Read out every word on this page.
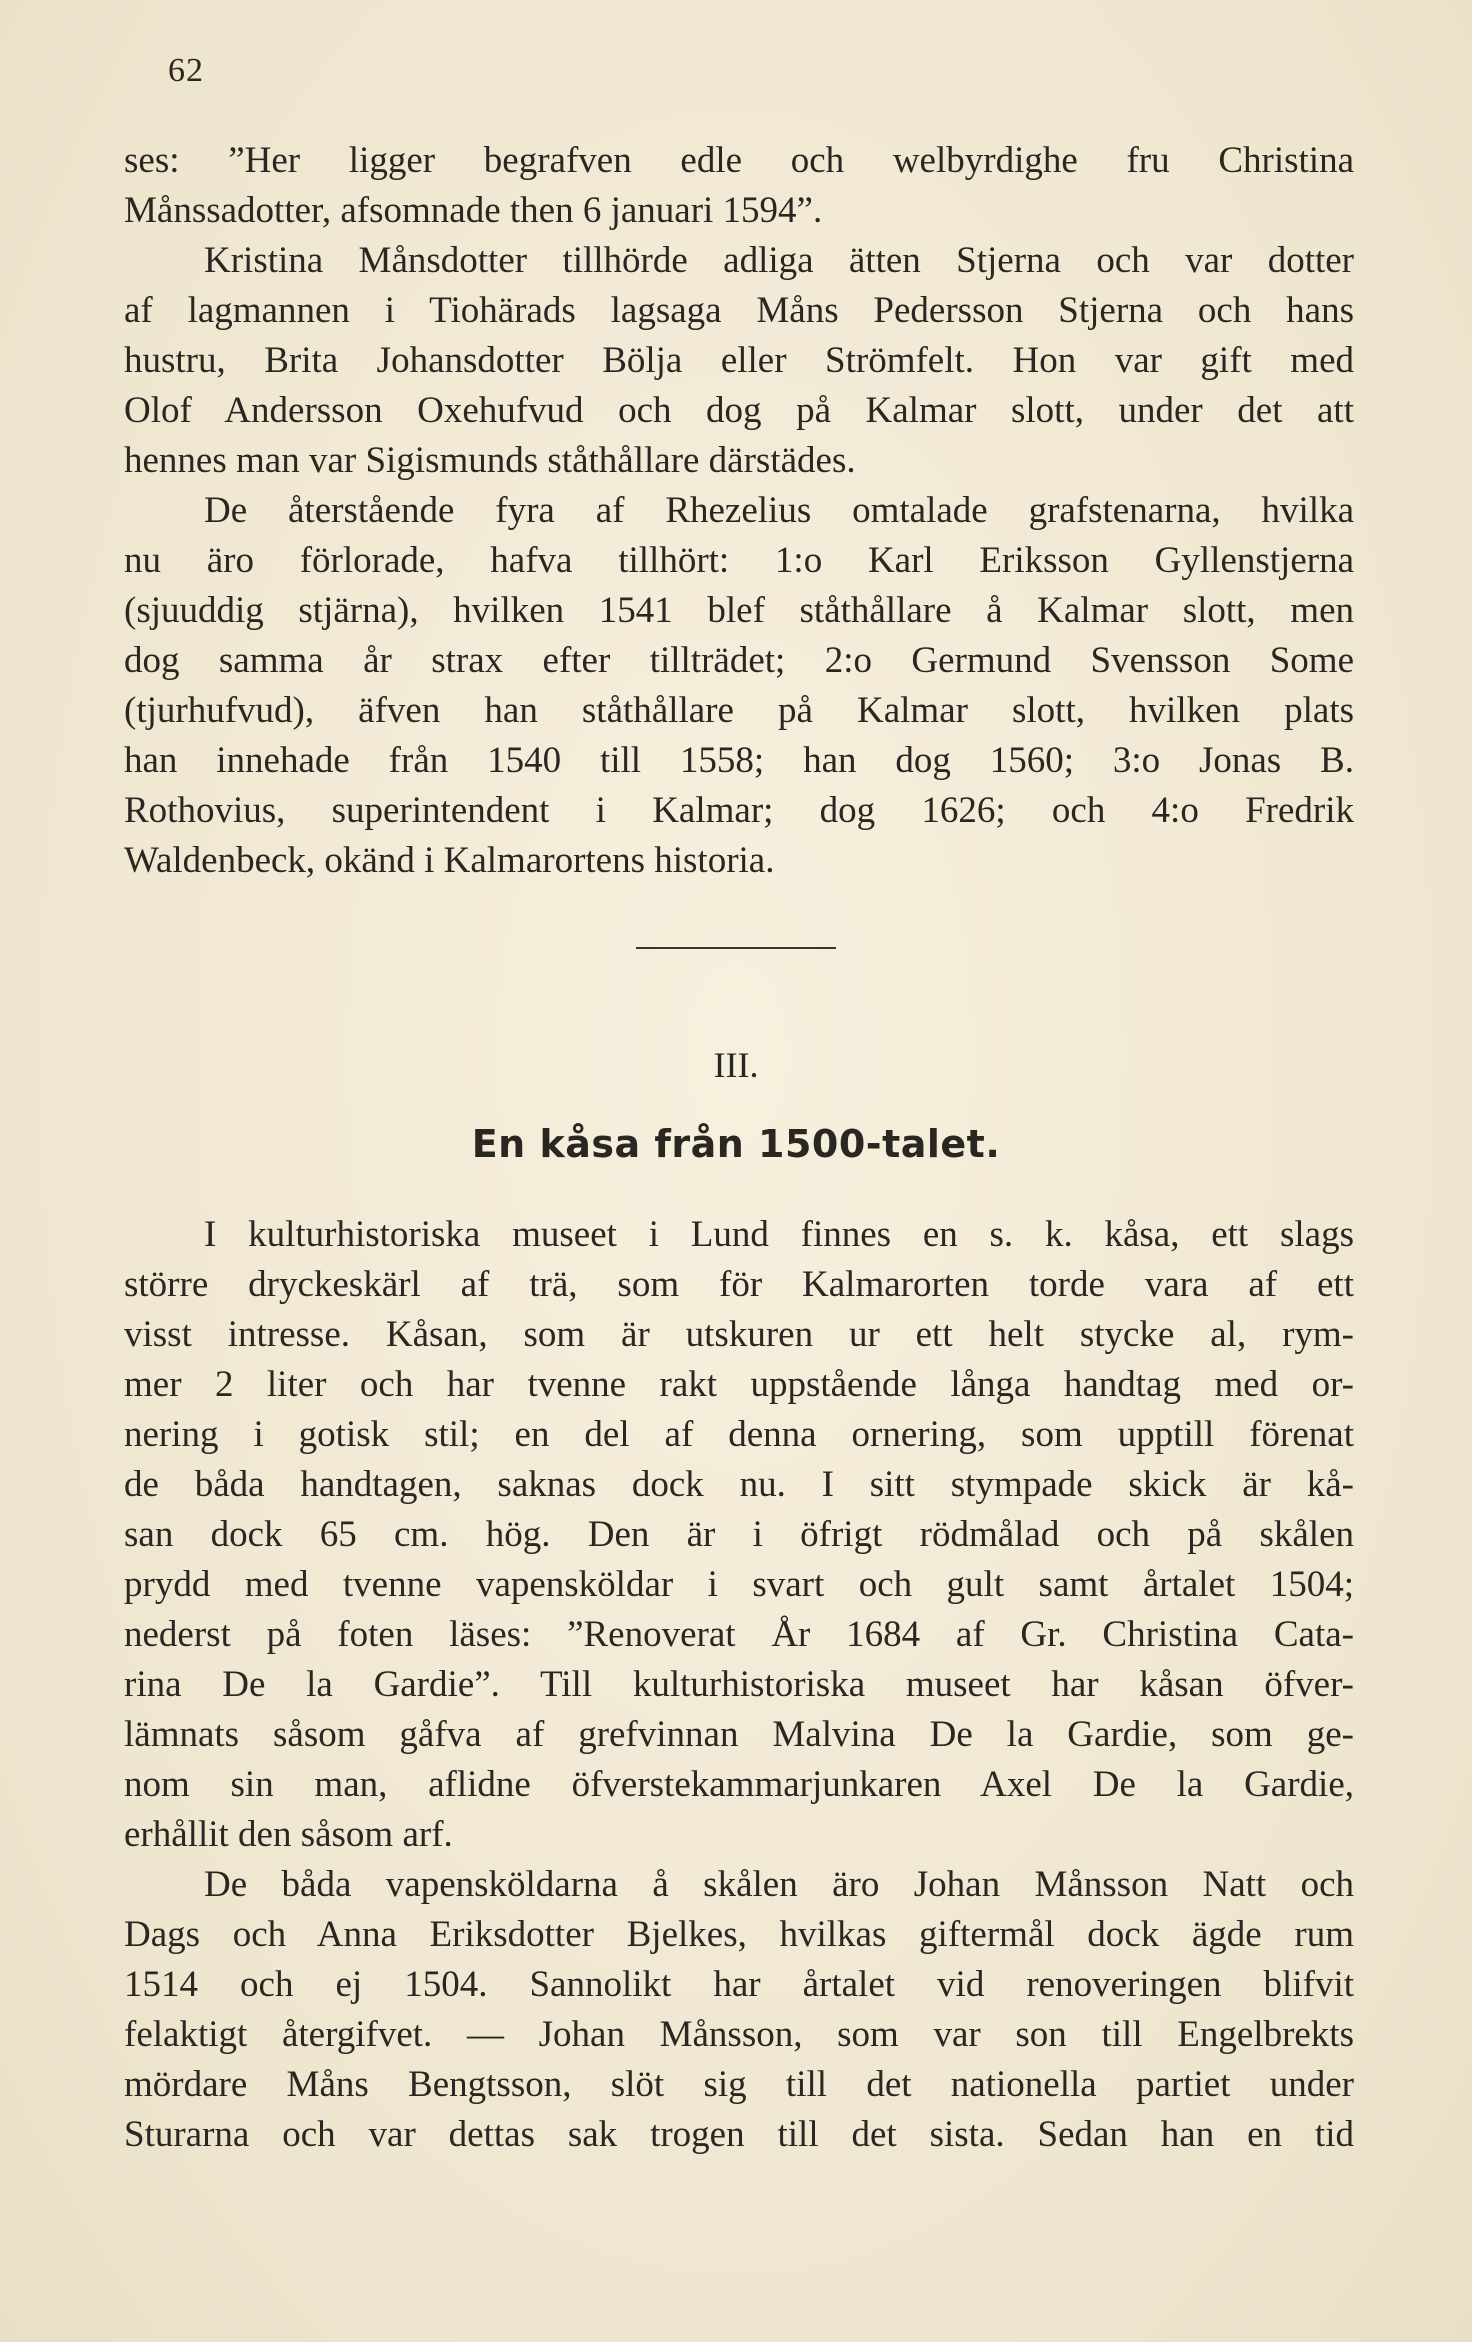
62
ses: ”Her ligger begrafven edle och welbyrdighe fru Christina
Månssadotter, afsomnade then 6 januari 1594”.
Kristina Månsdotter tillhörde adliga ätten Stjerna och var dotter
af lagmannen i Tiohärads lagsaga Måns Pedersson Stjerna och hans
hustru, Brita Johansdotter Bölja eller Strömfelt. Hon var gift med
Olof Andersson Oxehufvud och dog på Kalmar slott, under det att
hennes man var Sigismunds ståthållare därstädes.
De återstående fyra af Rhezelius omtalade grafstenarna, hvilka
nu äro förlorade, hafva tillhört: 1:o Karl Eriksson Gyllenstjerna
(sjuuddig stjärna), hvilken 1541 blef ståthållare å Kalmar slott, men
dog samma år strax efter tillträdet; 2:o Germund Svensson Some
(tjurhufvud), äfven han ståthållare på Kalmar slott, hvilken plats
han innehade från 1540 till 1558; han dog 1560; 3:o Jonas B.
Rothovius, superintendent i Kalmar; dog 1626; och 4:o Fredrik
Waldenbeck, okänd i Kalmarortens historia.
III.
En kåsa från 1500-talet.
I kulturhistoriska museet i Lund finnes en s. k. kåsa, ett slags
större dryckeskärl af trä, som för Kalmarorten torde vara af ett
visst intresse. Kåsan, som är utskuren ur ett helt stycke al, rym-
mer 2 liter och har tvenne rakt uppstående långa handtag med or-
nering i gotisk stil; en del af denna ornering, som upptill förenat
de båda handtagen, saknas dock nu. I sitt stympade skick är kå-
san dock 65 cm. hög. Den är i öfrigt rödmålad och på skålen
prydd med tvenne vapensköldar i svart och gult samt årtalet 1504;
nederst på foten läses: ”Renoverat År 1684 af Gr. Christina Cata-
rina De la Gardie”. Till kulturhistoriska museet har kåsan öfver-
lämnats såsom gåfva af grefvinnan Malvina De la Gardie, som ge-
nom sin man, aflidne öfverstekammarjunkaren Axel De la Gardie,
erhållit den såsom arf.
De båda vapensköldarna å skålen äro Johan Månsson Natt och
Dags och Anna Eriksdotter Bjelkes, hvilkas giftermål dock ägde rum
1514 och ej 1504. Sannolikt har årtalet vid renoveringen blifvit
felaktigt återgifvet. — Johan Månsson, som var son till Engelbrekts
mördare Måns Bengtsson, slöt sig till det nationella partiet under
Sturarna och var dettas sak trogen till det sista. Sedan han en tid
